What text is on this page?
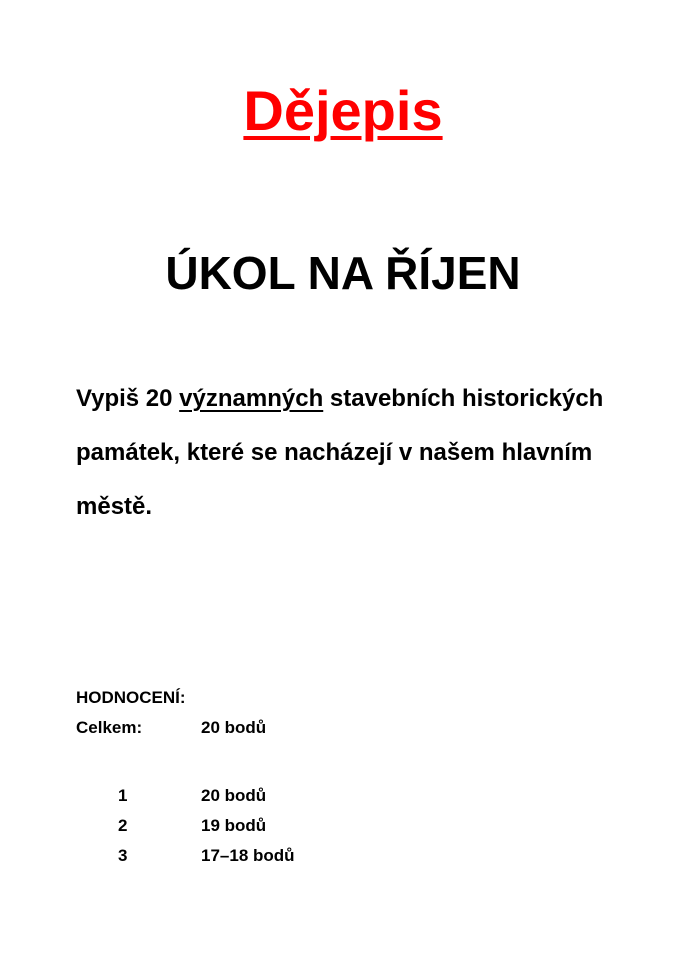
Dějepis
ÚKOL NA ŘÍJEN
Vypiš 20 významných stavebních historických památek, které se nacházejí v našem hlavním městě.
HODNOCENÍ:
Celkem:	20 bodů
1	20 bodů
2	19 bodů
3	17–18 bodů
